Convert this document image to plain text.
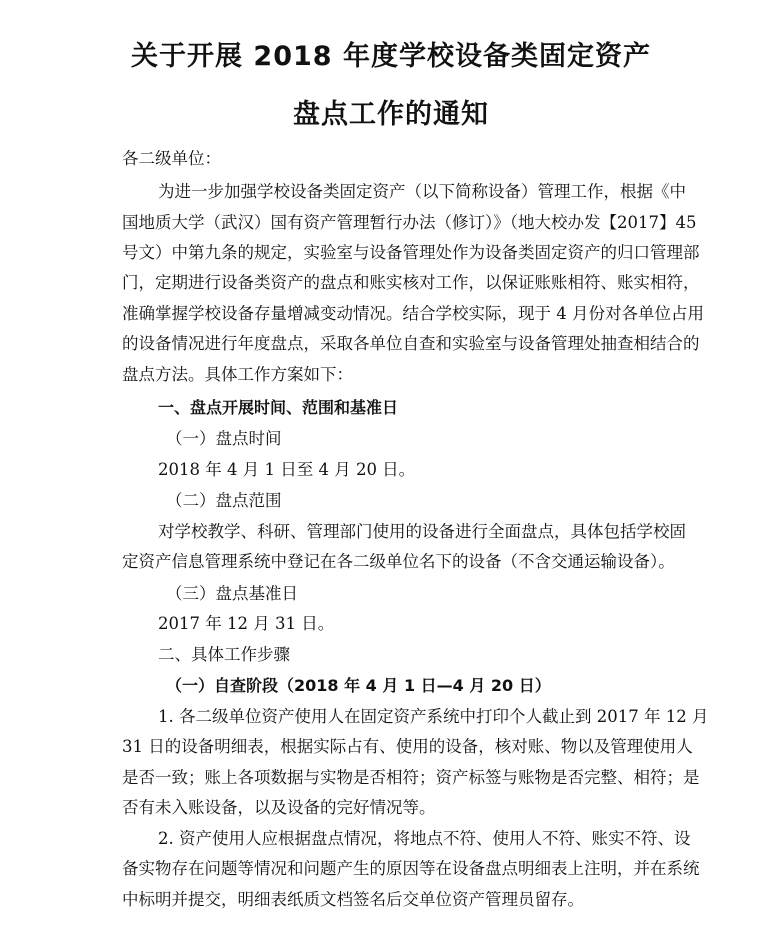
关于开展 2018 年度学校设备类固定资产
盘点工作的通知
各二级单位：
为进一步加强学校设备类固定资产（以下简称设备）管理工作，根据《中
国地质大学（武汉）国有资产管理暂行办法（修订）》（地大校办发【2017】45
号文）中第九条的规定，实验室与设备管理处作为设备类固定资产的归口管理部
门，定期进行设备类资产的盘点和账实核对工作，以保证账账相符、账实相符，
准确掌握学校设备存量增减变动情况。结合学校实际，现于 4 月份对各单位占用
的设备情况进行年度盘点，采取各单位自查和实验室与设备管理处抽查相结合的
盘点方法。具体工作方案如下：
一、盘点开展时间、范围和基准日
（一）盘点时间
2018 年 4 月 1 日至 4 月 20 日。
（二）盘点范围
对学校教学、科研、管理部门使用的设备进行全面盘点，具体包括学校固
定资产信息管理系统中登记在各二级单位名下的设备（不含交通运输设备）。
（三）盘点基准日
2017 年 12 月 31 日。
二、具体工作步骤
（一）自查阶段（2018 年 4 月 1 日—4 月 20 日）
1. 各二级单位资产使用人在固定资产系统中打印个人截止到 2017 年 12 月
31 日的设备明细表，根据实际占有、使用的设备，核对账、物以及管理使用人
是否一致；账上各项数据与实物是否相符；资产标签与账物是否完整、相符；是
否有未入账设备，以及设备的完好情况等。
2. 资产使用人应根据盘点情况，将地点不符、使用人不符、账实不符、设
备实物存在问题等情况和问题产生的原因等在设备盘点明细表上注明，并在系统
中标明并提交，明细表纸质文档签名后交单位资产管理员留存。
